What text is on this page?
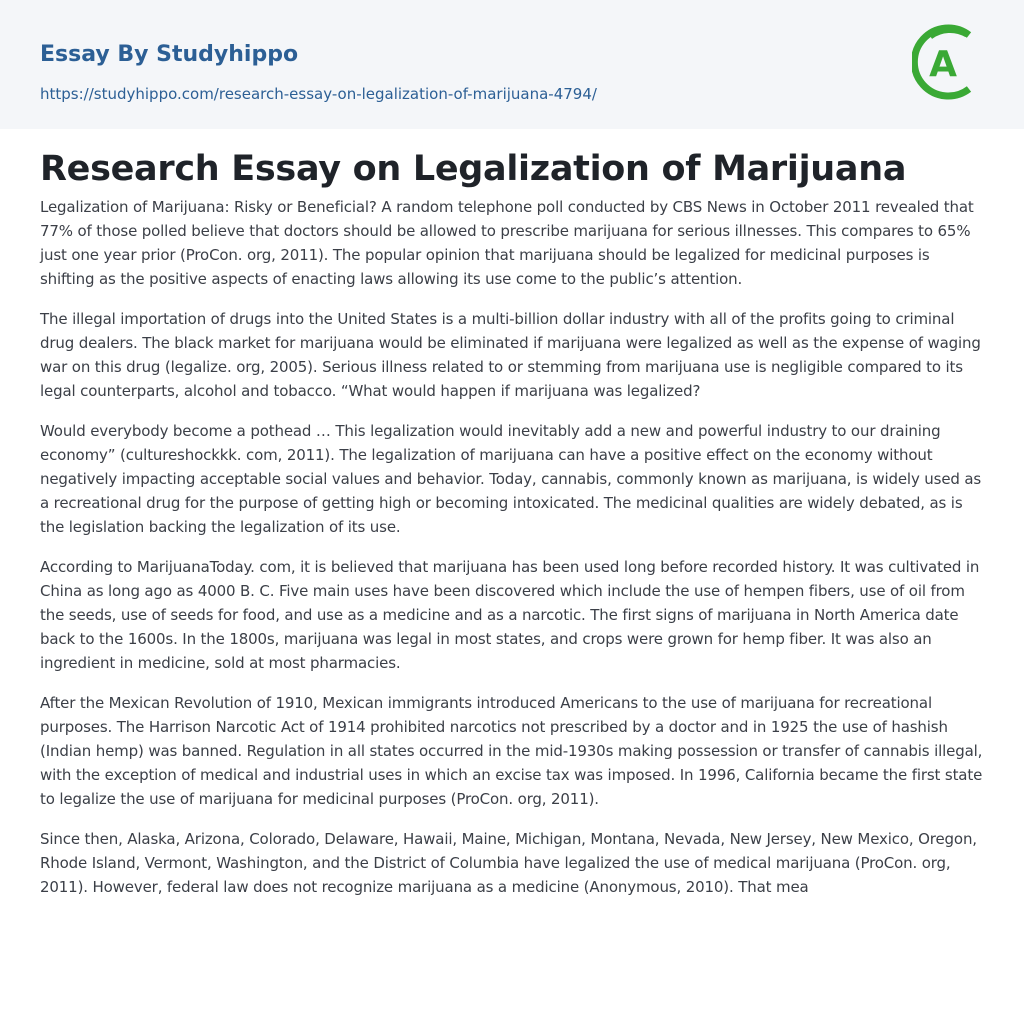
Essay By Studyhippo
https://studyhippo.com/research-essay-on-legalization-of-marijuana-4794/
A
Research Essay on Legalization of Marijuana

Legalization of Marijuana: Risky or Beneficial? A random telephone poll conducted by CBS News in October 2011 revealed that 77% of those polled believe that doctors should be allowed to prescribe marijuana for serious illnesses. This compares to 65% just one year prior (ProCon. org, 2011). The popular opinion that marijuana should be legalized for medicinal purposes is shifting as the positive aspects of enacting laws allowing its use come to the public’s attention.

The illegal importation of drugs into the United States is a multi-billion dollar industry with all of the profits going to criminal drug dealers. The black market for marijuana would be eliminated if marijuana were legalized as well as the expense of waging war on this drug (legalize. org, 2005). Serious illness related to or stemming from marijuana use is negligible compared to its legal counterparts, alcohol and tobacco. “What would happen if marijuana was legalized?

Would everybody become a pothead … This legalization would inevitably add a new and powerful industry to our draining economy” (cultureshockkk. com, 2011). The legalization of marijuana can have a positive effect on the economy without negatively impacting acceptable social values and behavior. Today, cannabis, commonly known as marijuana, is widely used as a recreational drug for the purpose of getting high or becoming intoxicated. The medicinal qualities are widely debated, as is the legislation backing the legalization of its use.

According to MarijuanaToday. com, it is believed that marijuana has been used long before recorded history. It was cultivated in China as long ago as 4000 B. C. Five main uses have been discovered which include the use of hempen fibers, use of oil from the seeds, use of seeds for food, and use as a medicine and as a narcotic. The first signs of marijuana in North America date back to the 1600s. In the 1800s, marijuana was legal in most states, and crops were grown for hemp fiber. It was also an ingredient in medicine, sold at most pharmacies.

After the Mexican Revolution of 1910, Mexican immigrants introduced Americans to the use of marijuana for recreational purposes. The Harrison Narcotic Act of 1914 prohibited narcotics not prescribed by a doctor and in 1925 the use of hashish (Indian hemp) was banned. Regulation in all states occurred in the mid-1930s making possession or transfer of cannabis illegal, with the exception of medical and industrial uses in which an excise tax was imposed. In 1996, California became the first state to legalize the use of marijuana for medicinal purposes (ProCon. org, 2011).

Since then, Alaska, Arizona, Colorado, Delaware, Hawaii, Maine, Michigan, Montana, Nevada, New Jersey, New Mexico, Oregon, Rhode Island, Vermont, Washington, and the District of Columbia have legalized the use of medical marijuana (ProCon. org, 2011). However, federal law does not recognize marijuana as a medicine (Anonymous, 2010). That mea
